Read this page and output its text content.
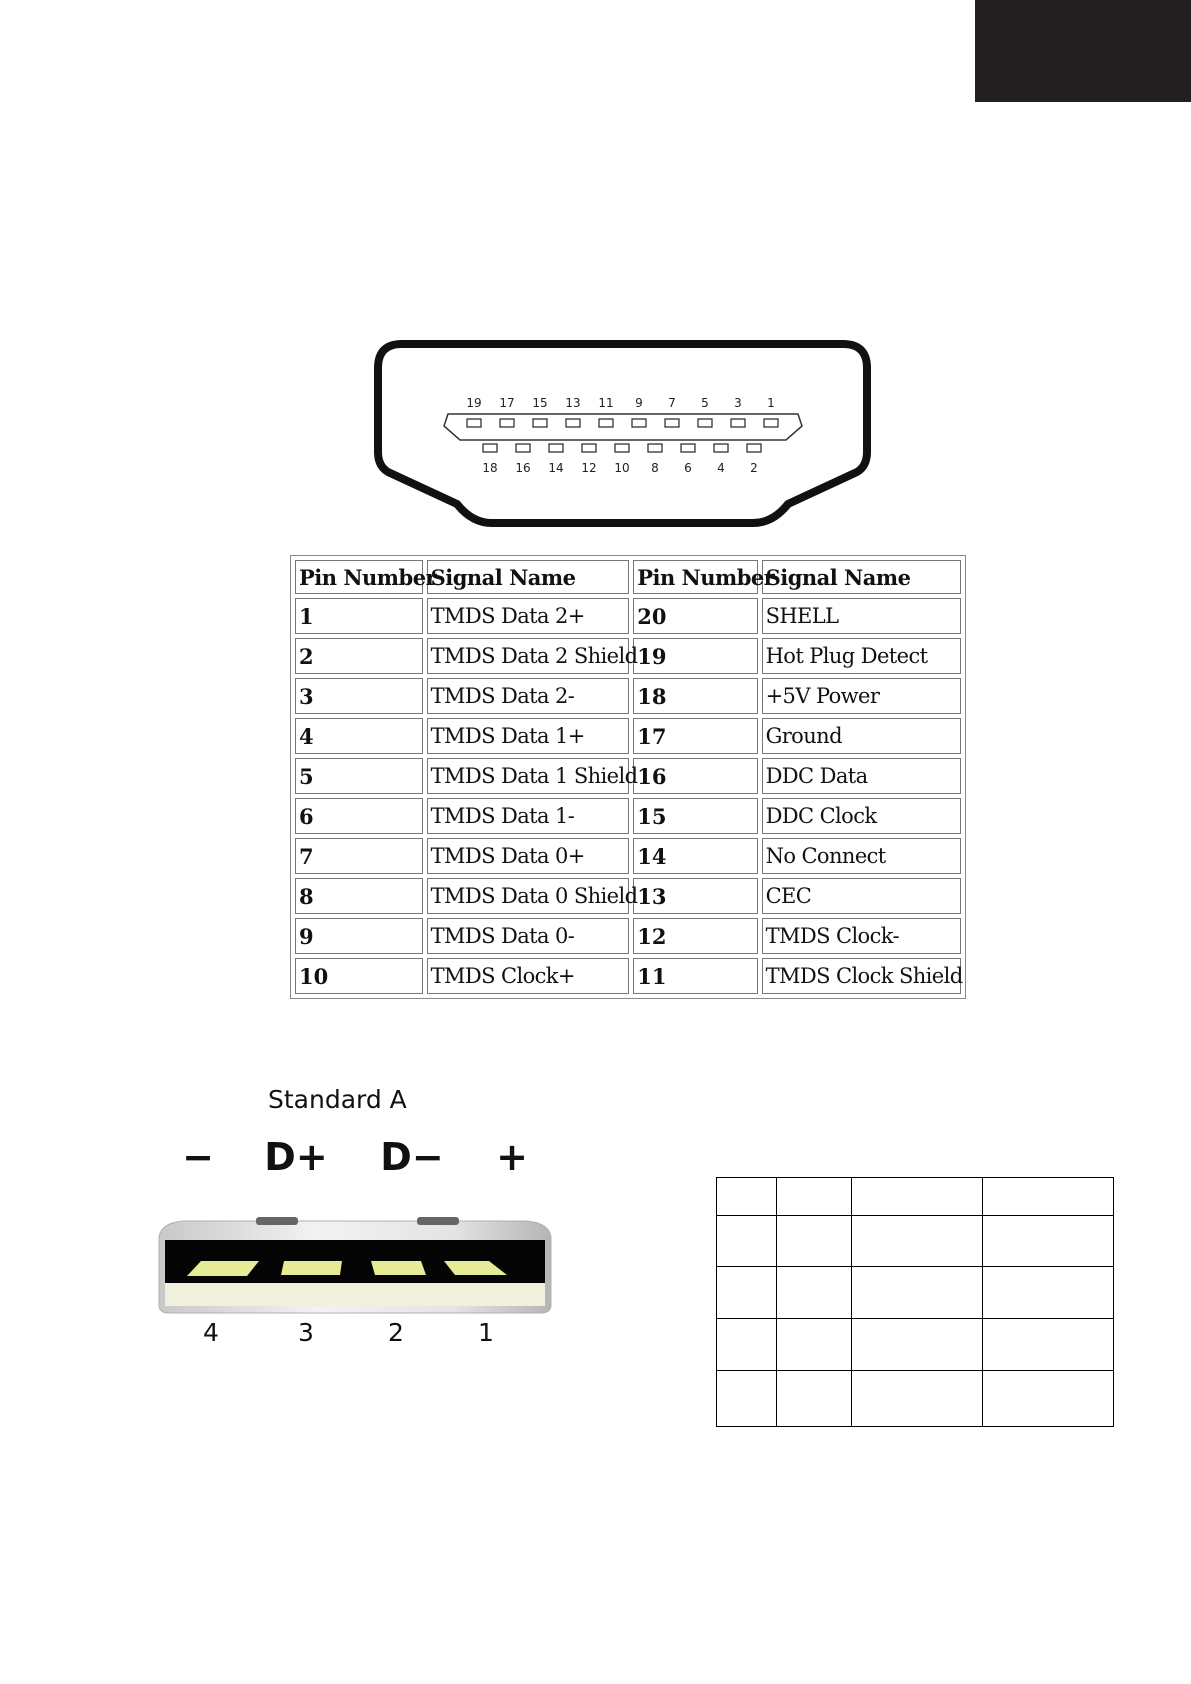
19 17 15 13 11 9 7 5 3 1
18 16 14 12 10 8 6 4 2
Pin Number	Signal Name	Pin Number	Signal Name
1	TMDS Data 2+	20	SHELL
2	TMDS Data 2 Shield	19	Hot Plug Detect
3	TMDS Data 2-	18	+5V Power
4	TMDS Data 1+	17	Ground
5	TMDS Data 1 Shield	16	DDC Data
6	TMDS Data 1-	15	DDC Clock
7	TMDS Data 0+	14	No Connect
8	TMDS Data 0 Shield	13	CEC
9	TMDS Data 0-	12	TMDS Clock-
10	TMDS Clock+	11	TMDS Clock Shield
Standard A
−	D+ D−	+
4	3	2	1
